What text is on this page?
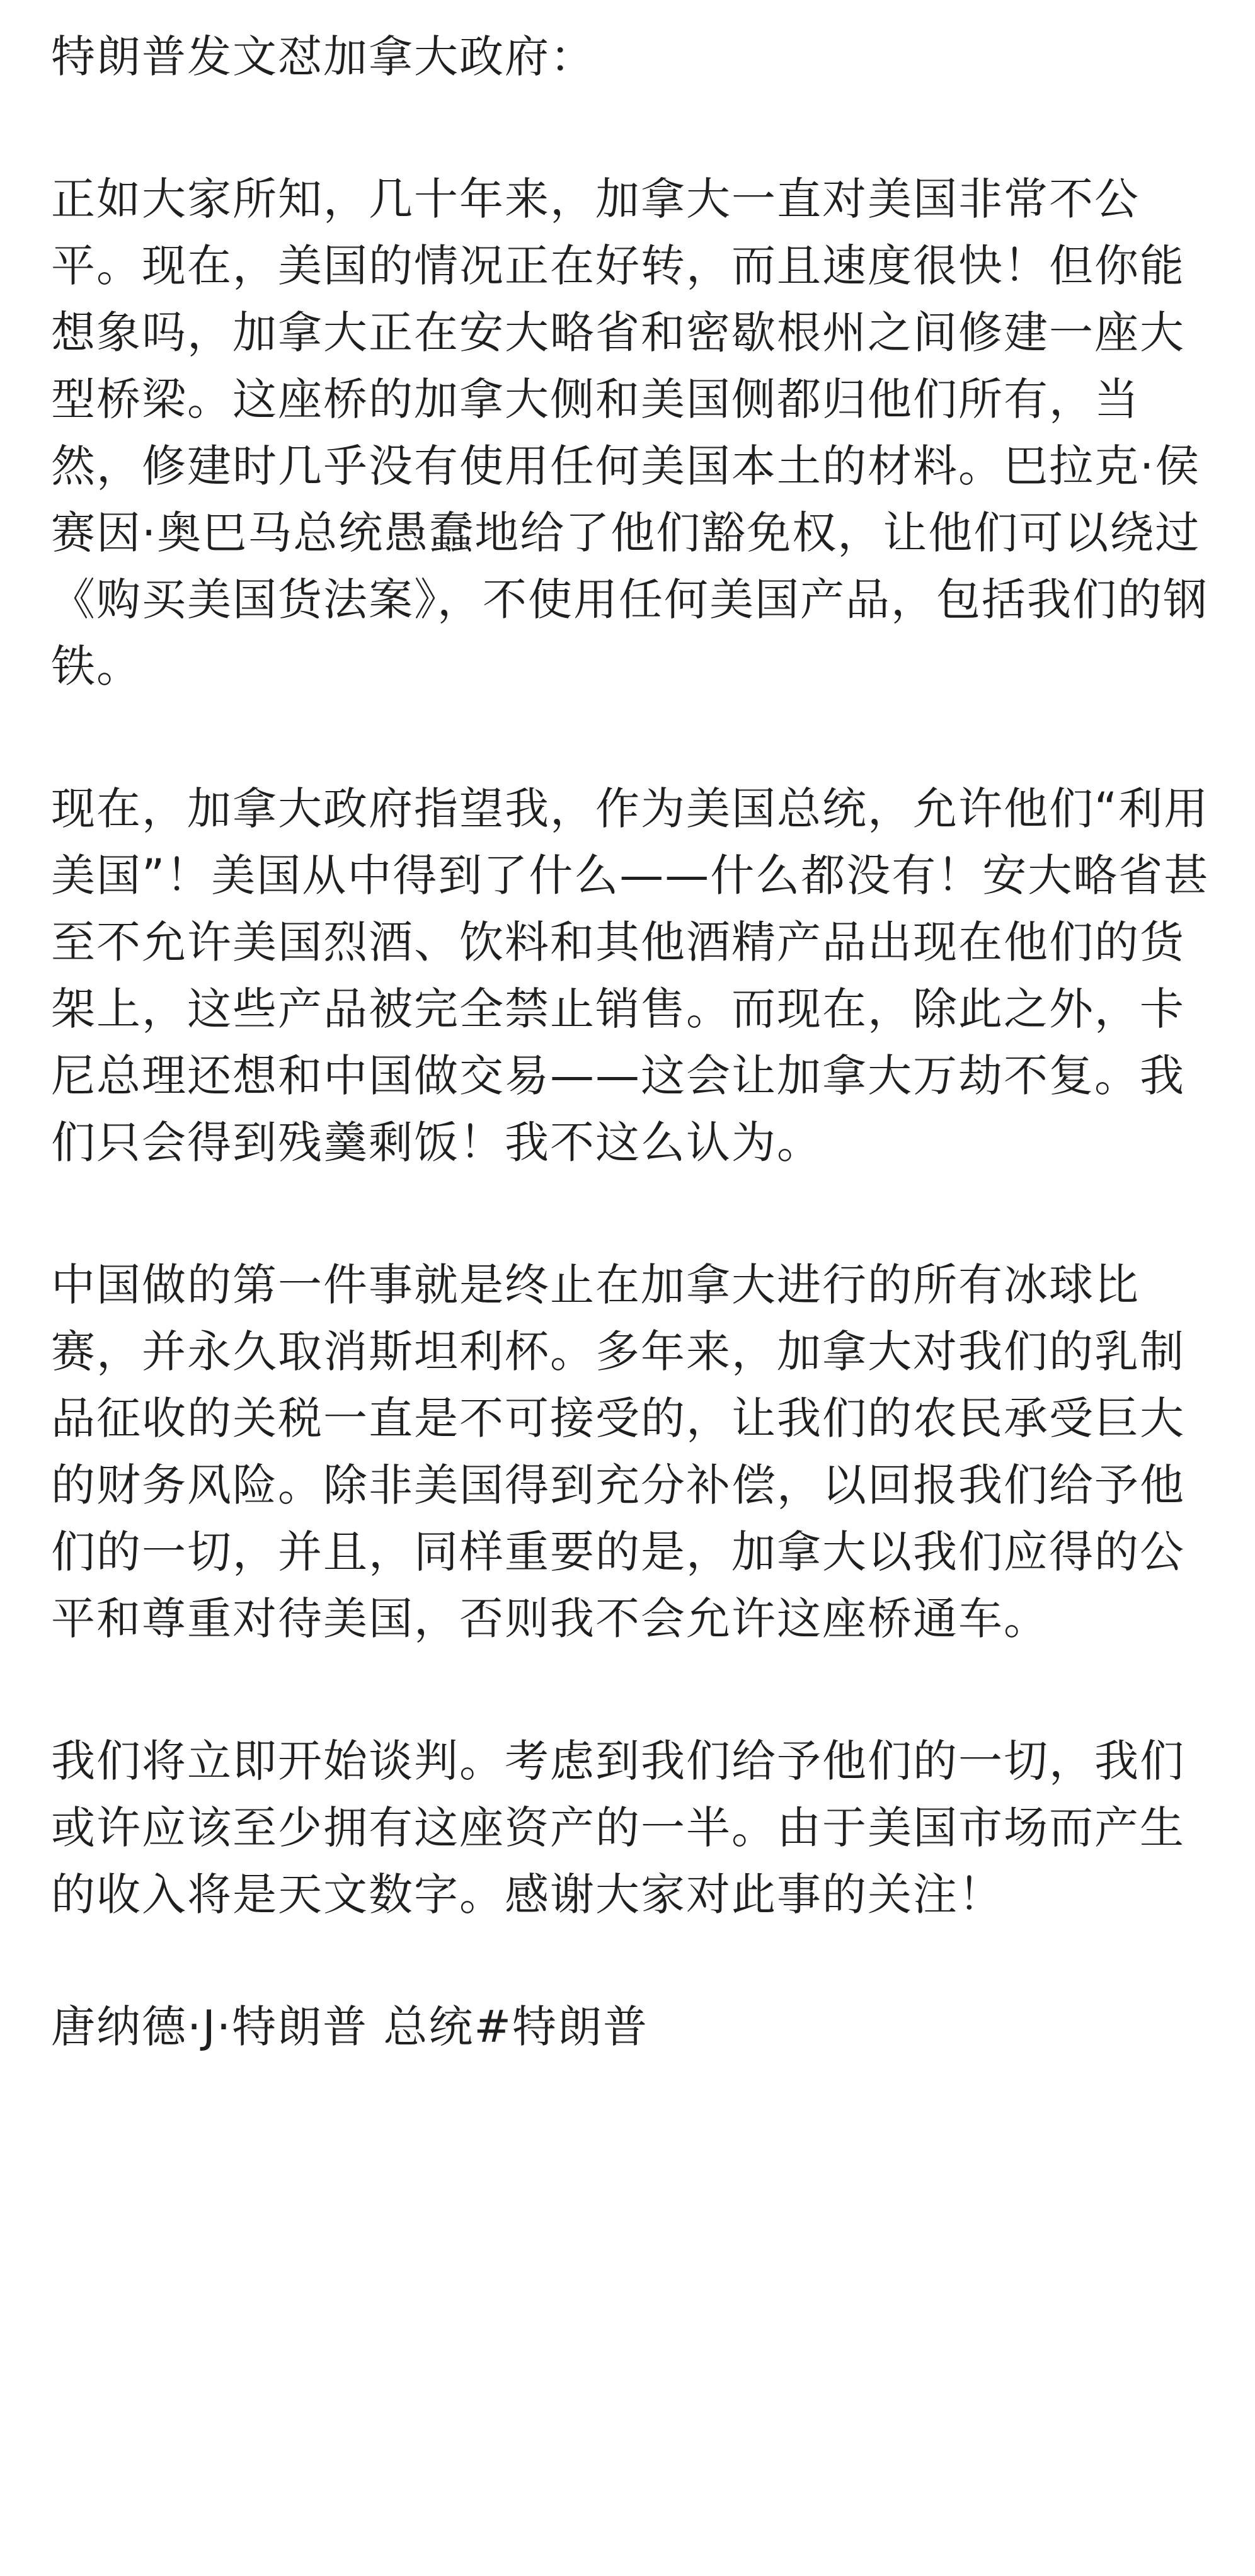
特朗普发文怼加拿大政府：

正如大家所知，几十年来，加拿大一直对美国非常不公平。现在，美国的情况正在好转，而且速度很快！但你能想象吗，加拿大正在安大略省和密歇根州之间修建一座大型桥梁。这座桥的加拿大侧和美国侧都归他们所有，当然，修建时几乎没有使用任何美国本土的材料。巴拉克·侯赛因·奥巴马总统愚蠢地给了他们豁免权，让他们可以绕过《购买美国货法案》，不使用任何美国产品，包括我们的钢铁。

现在，加拿大政府指望我，作为美国总统，允许他们“利用美国”！美国从中得到了什么——什么都没有！安大略省甚至不允许美国烈酒、饮料和其他酒精产品出现在他们的货架上，这些产品被完全禁止销售。而现在，除此之外，卡尼总理还想和中国做交易——这会让加拿大万劫不复。我们只会得到残羹剩饭！我不这么认为。

中国做的第一件事就是终止在加拿大进行的所有冰球比赛，并永久取消斯坦利杯。多年来，加拿大对我们的乳制品征收的关税一直是不可接受的，让我们的农民承受巨大的财务风险。除非美国得到充分补偿，以回报我们给予他们的一切，并且，同样重要的是，加拿大以我们应得的公平和尊重对待美国，否则我不会允许这座桥通车。

我们将立即开始谈判。考虑到我们给予他们的一切，我们或许应该至少拥有这座资产的一半。由于美国市场而产生的收入将是天文数字。感谢大家对此事的关注！

唐纳德·J·特朗普 总统#特朗普
